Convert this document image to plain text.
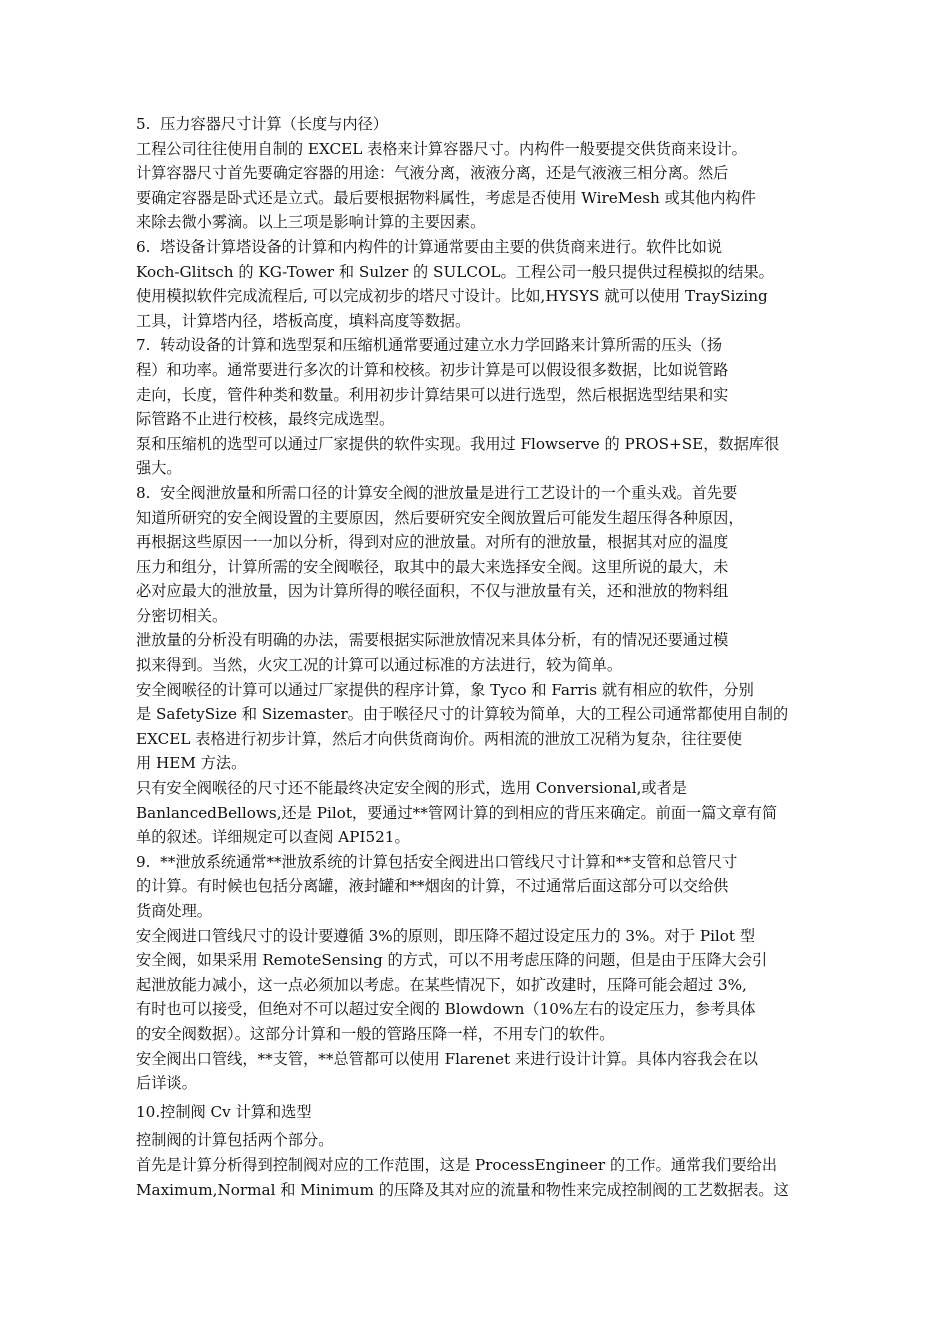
5.  压力容器尺寸计算（长度与内径）

工程公司往往使用自制的 EXCEL 表格来计算容器尺寸。内构件一般要提交供货商来设计。

计算容器尺寸首先要确定容器的用途：气液分离，液液分离，还是气液液三相分离。然后

要确定容器是卧式还是立式。最后要根据物料属性，考虑是否使用 WireMesh 或其他内构件

来除去微小雾滴。以上三项是影响计算的主要因素。

6.  塔设备计算塔设备的计算和内构件的计算通常要由主要的供货商来进行。软件比如说

Koch-Glitsch 的 KG-Tower 和 Sulzer 的 SULCOL。工程公司一般只提供过程模拟的结果。

使用模拟软件完成流程后, 可以完成初步的塔尺寸设计。比如,HYSYS 就可以使用 TraySizing

工具，计算塔内径，塔板高度，填料高度等数据。

7.  转动设备的计算和选型泵和压缩机通常要通过建立水力学回路来计算所需的压头（扬

程）和功率。通常要进行多次的计算和校核。初步计算是可以假设很多数据，比如说管路

走向，长度，管件种类和数量。利用初步计算结果可以进行选型，然后根据选型结果和实

际管路不止进行校核，最终完成选型。

泵和压缩机的选型可以通过厂家提供的软件实现。我用过 Flowserve 的 PROS+SE，数据库很

强大。

8.  安全阀泄放量和所需口径的计算安全阀的泄放量是进行工艺设计的一个重头戏。首先要

知道所研究的安全阀设置的主要原因，然后要研究安全阀放置后可能发生超压得各种原因，

再根据这些原因一一加以分析，得到对应的泄放量。对所有的泄放量，根据其对应的温度

压力和组分，计算所需的安全阀喉径，取其中的最大来选择安全阀。这里所说的最大，未

必对应最大的泄放量，因为计算所得的喉径面积，不仅与泄放量有关，还和泄放的物料组

分密切相关。

泄放量的分析没有明确的办法，需要根据实际泄放情况来具体分析，有的情况还要通过模

拟来得到。当然，火灾工况的计算可以通过标准的方法进行，较为简单。

安全阀喉径的计算可以通过厂家提供的程序计算，象 Tyco 和 Farris 就有相应的软件，分别

是 SafetySize 和 Sizemaster。由于喉径尺寸的计算较为简单，大的工程公司通常都使用自制的

EXCEL 表格进行初步计算，然后才向供货商询价。两相流的泄放工况稍为复杂，往往要使

用 HEM 方法。

只有安全阀喉径的尺寸还不能最终决定安全阀的形式，选用 Conversional,或者是

BanlancedBellows,还是 Pilot，要通过**管网计算的到相应的背压来确定。前面一篇文章有简

单的叙述。详细规定可以查阅 API521。

9.  **泄放系统通常**泄放系统的计算包括安全阀进出口管线尺寸计算和**支管和总管尺寸

的计算。有时候也包括分离罐，液封罐和**烟囱的计算，不过通常后面这部分可以交给供

货商处理。

安全阀进口管线尺寸的设计要遵循 3%的原则，即压降不超过设定压力的 3%。对于 Pilot 型

安全阀，如果采用 RemoteSensing 的方式，可以不用考虑压降的问题，但是由于压降大会引

起泄放能力减小，这一点必须加以考虑。在某些情况下，如扩改建时，压降可能会超过 3%,

有时也可以接受，但绝对不可以超过安全阀的 Blowdown（10%左右的设定压力，参考具体

的安全阀数据）。这部分计算和一般的管路压降一样，不用专门的软件。

安全阀出口管线，**支管，**总管都可以使用 Flarenet 来进行设计计算。具体内容我会在以

后详谈。

10.控制阀 Cv 计算和选型

控制阀的计算包括两个部分。

首先是计算分析得到控制阀对应的工作范围，这是 ProcessEngineer 的工作。通常我们要给出

Maximum,Normal 和 Minimum 的压降及其对应的流量和物性来完成控制阀的工艺数据表。这
